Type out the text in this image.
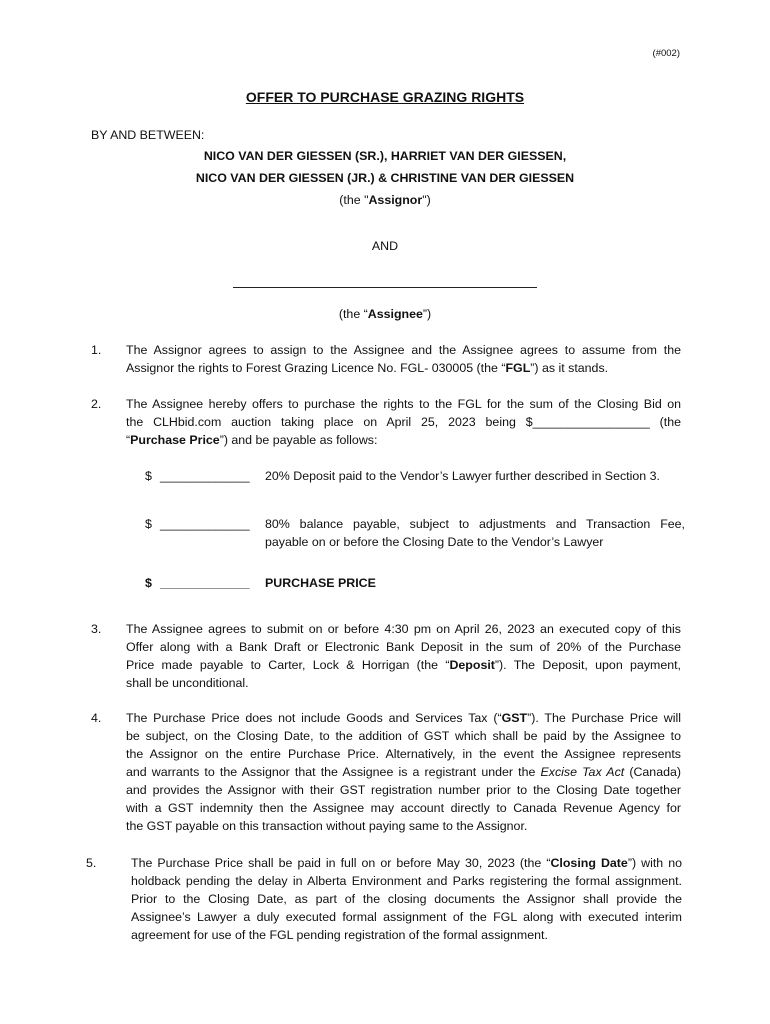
(#002)
OFFER TO PURCHASE GRAZING RIGHTS
BY AND BETWEEN:
NICO VAN DER GIESSEN (SR.), HARRIET VAN DER GIESSEN,
NICO VAN DER GIESSEN (JR.) & CHRISTINE VAN DER GIESSEN
(the "Assignor")
AND
(the “Assignee”)
1. The Assignor agrees to assign to the Assignee and the Assignee agrees to assume from the
Assignor the rights to Forest Grazing Licence No. FGL- 030005 (the “FGL”) as it stands.
2. The Assignee hereby offers to purchase the rights to the FGL for the sum of the Closing Bid on
the CLHbid.com auction taking place on April 25, 2023 being $_________________ (the
“Purchase Price”) and be payable as follows:
$ _____________ 20% Deposit paid to the Vendor’s Lawyer further described in Section 3.
$ _____________ 80% balance payable, subject to adjustments and Transaction Fee,
payable on or before the Closing Date to the Vendor’s Lawyer
$ _____________ PURCHASE PRICE
3. The Assignee agrees to submit on or before 4:30 pm on April 26, 2023 an executed copy of this
Offer along with a Bank Draft or Electronic Bank Deposit in the sum of 20% of the Purchase
Price made payable to Carter, Lock & Horrigan (the “Deposit”). The Deposit, upon payment,
shall be unconditional.
4. The Purchase Price does not include Goods and Services Tax (“GST”). The Purchase Price will
be subject, on the Closing Date, to the addition of GST which shall be paid by the Assignee to
the Assignor on the entire Purchase Price. Alternatively, in the event the Assignee represents
and warrants to the Assignor that the Assignee is a registrant under the Excise Tax Act (Canada)
and provides the Assignor with their GST registration number prior to the Closing Date together
with a GST indemnity then the Assignee may account directly to Canada Revenue Agency for
the GST payable on this transaction without paying same to the Assignor.
5.	The Purchase Price shall be paid in full on or before May 30, 2023 (the “Closing Date”) with no
holdback pending the delay in Alberta Environment and Parks registering the formal assignment.
Prior to the Closing Date, as part of the closing documents the Assignor shall provide the
Assignee’s Lawyer a duly executed formal assignment of the FGL along with executed interim
agreement for use of the FGL pending registration of the formal assignment.
